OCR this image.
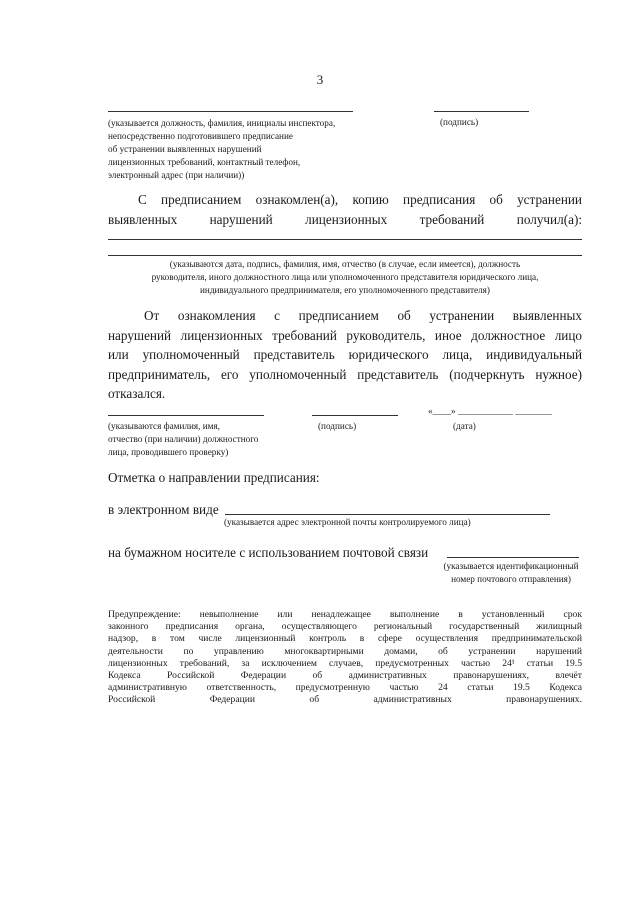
3
(указывается должность, фамилия, инициалы инспектора,
непосредственно подготовившего предписание
об устранении выявленных нарушений
лицензионных требований, контактный телефон,
электронный адрес (при наличии))
(подпись)
С предписанием ознакомлен(а), копию предписания об устранении
выявленных нарушений лицензионных требований получил(а):
(указываются дата, подпись, фамилия, имя, отчество (в случае, если имеется), должность
руководителя, иного должностного лица или уполномоченного представителя юридического лица,
индивидуального предпринимателя, его уполномоченного представителя)
От ознакомления с предписанием об устранении выявленных
нарушений лицензионных требований руководитель, иное должностное лицо
или уполномоченный представитель юридического лица, индивидуальный
предприниматель, его уполномоченный представитель (подчеркнуть нужное)
отказался.
«____» ____________ ________
(указываются фамилия, имя,
отчество (при наличии) должностного
лица, проводившего проверку)
(подпись)	(дата)
Отметка о направлении предписания:
в электронном виде
(указывается адрес электронной почты контролируемого лица)
на бумажном носителе с использованием почтовой связи
(указывается идентификационный
номер почтового отправления)
Предупреждение: невыполнение или ненадлежащее выполнение в установленный срок
законного предписания органа, осуществляющего региональный государственный жилищный
надзор, в том числе лицензионный контроль в сфере осуществления предпринимательской
деятельности по управлению многоквартирными домами, об устранении нарушений
лицензионных требований, за исключением случаев, предусмотренных частью 24¹ статьи 19.5
Кодекса Российской Федерации об административных правонарушениях, влечёт
административную ответственность, предусмотренную частью 24 статьи 19.5 Кодекса
Российской Федерации об административных правонарушениях.
